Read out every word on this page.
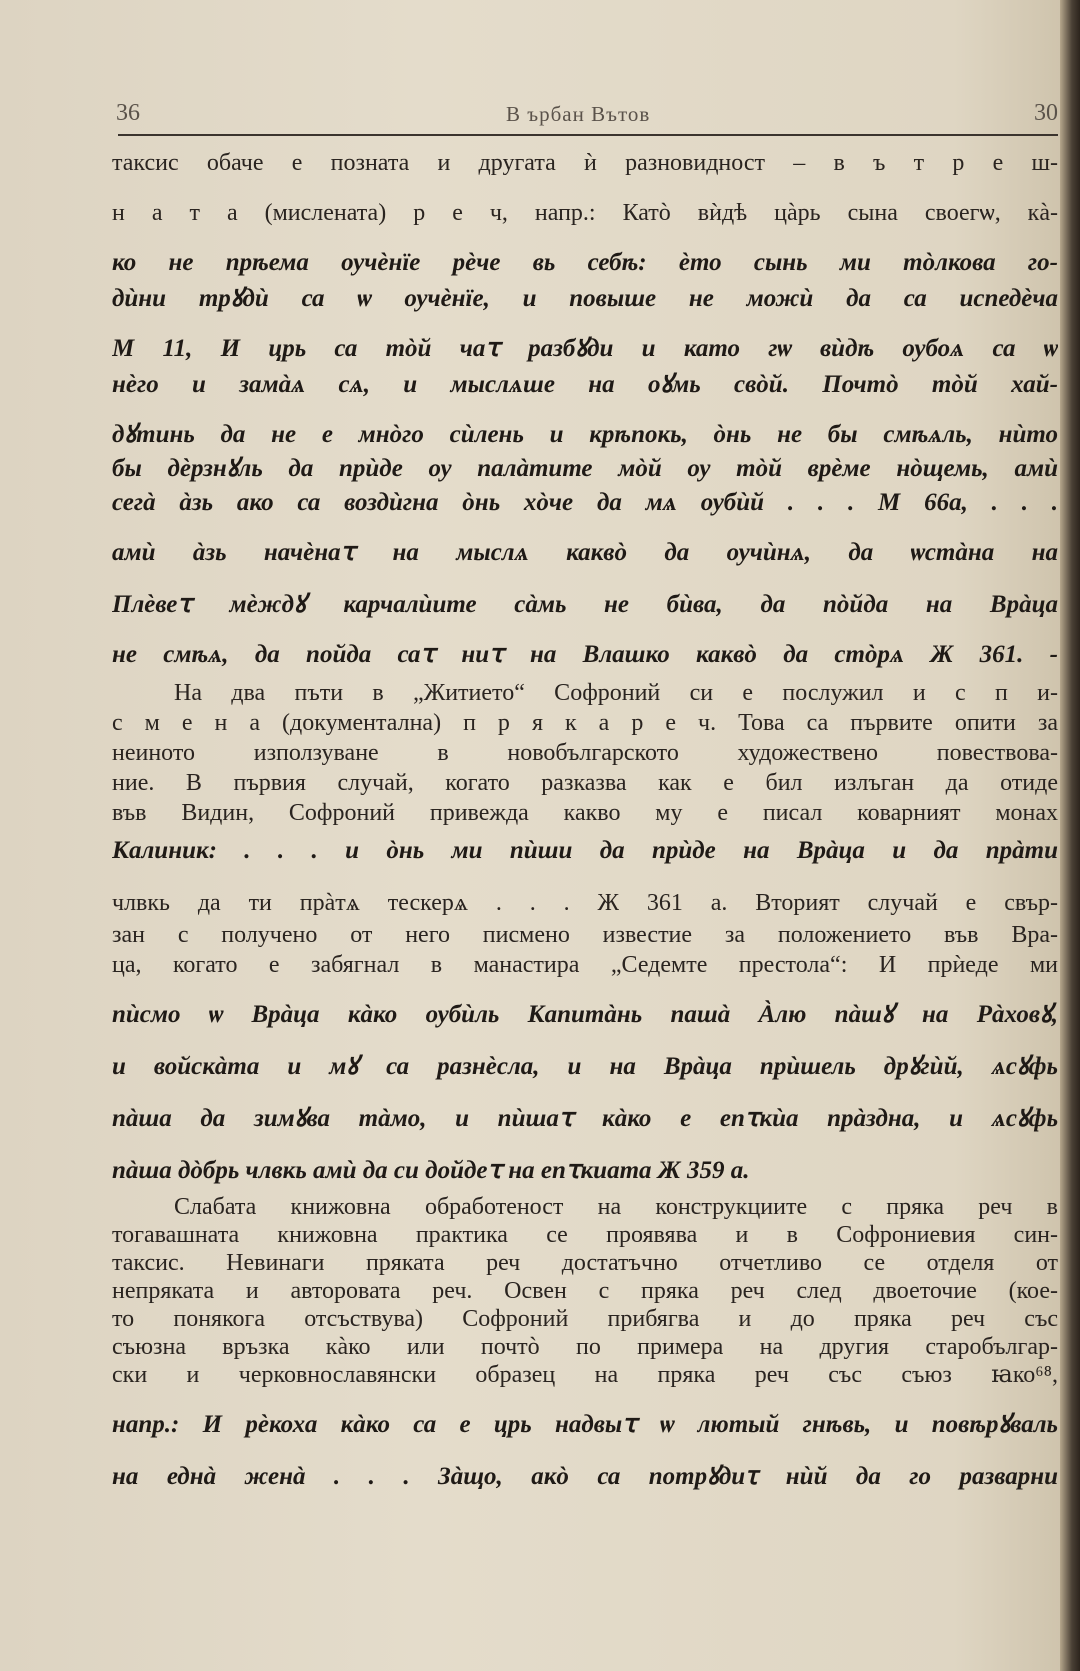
36	В ърбан Вътов	30
таксис обаче е позната и другата ѝ разновидност – в ъ т р е ш-
н а т а (мислената) р е ч, напр.: Катò вѝдѣ цàрь сына своегѡ, кà-
ко не прѣема оучèнїе рèче вь себѣ: èто сынь ми тòлкова го-
дѝни трꙋдѝ са ѡ оучèнїе, и повыше не можѝ да са испедѐча
М 11, И црь са тòй чаꚍ разбꙋди и като гѡ вѝдѣ оубоѧ са ѡ
нѐго и замàѧ сѧ, и мыслѧше на оꙋмь свòй. Почтò тòй хай-
дꙋтинь да не е мнòго сѝлень и крѣпокь, òнь не бы смѣѧль, нѝто
бы дѐрзнꙋль да прѝде оу палàтите мòй оу тòй врѐме нòщемь, амѝ
сегà àзь ако са воздѝгна òнь хòче да мѧ оубѝй . . . М 66а, . . .
амѝ àзь начѐнаꚍ на мыслѧ каквò да оучѝнѧ, да ѡстàна на
Плѐвеꚍ мѐждꙋ карчалѝите сàмь не бѝва, да пòйда на Врàца
не смѣѧ, да пойда саꚍ ниꚍ на Влашко каквò да стòрѧ Ж 361. -
На два пъти в „Житието“ Софроний си е послужил и с п и-
с м е н а (документална) п р я к а р е ч. Това са първите опити за
неиното използуване в новобългарското художествено повествова-
ние. В първия случай, когато разказва как е бил излъган да отиде
във Видин, Софроний привежда какво му е писал коварният монах
Калиник: . . . и òнь ми пѝши да прѝде на Врàца и да прàти
члвкь да ти прàтѧ тескерѧ . . . Ж 361 а. Вторият случай е свър-
зан с получено от него писмено известие за положението във Вра-
ца, когато е забягнал в манастира „Седемте престола“: И прѝеде ми
пѝсмо ѡ Врàца кàко оубѝль Капитàнь пашà Àлю пàшꙋ на Рàховꙋ,
и войскàта и мꙋ са разнѐсла, и на Врàца прѝшель дрꙋгѝй, ѧсꙋфь
пàша да зимꙋва тàмо, и пѝшаꚍ кàко е епꚍкѝа прàздна, и ѧсꙋфь
пàша дòбрь члвкь амѝ да си дойдеꚍ на епꚍкиата Ж 359 а.
Слабата книжовна обработеност на конструкциите с пряка реч в
тогавашната книжовна практика се проявява и в Софрониевия син-
таксис. Невинаги пряката реч достатъчно отчетливо се отделя от
непряката и авторовата реч. Освен с пряка реч след двоеточие (кое-
то понякога отсъствува) Софроний прибягва и до пряка реч със
съюзна връзка кàко или почтò по примера на другия старобългар-
ски и черковнославянски образец на пряка реч със съюз ꙗко⁶⁸,
напр.: И рѐкоха кàко са е црь надвыꚍ ѡ лютый гнѣвь, и повѣрꙋваль
на еднà женà . . . Зàщо, акò са потрꙋдиꚍ нѝй да го разварни
